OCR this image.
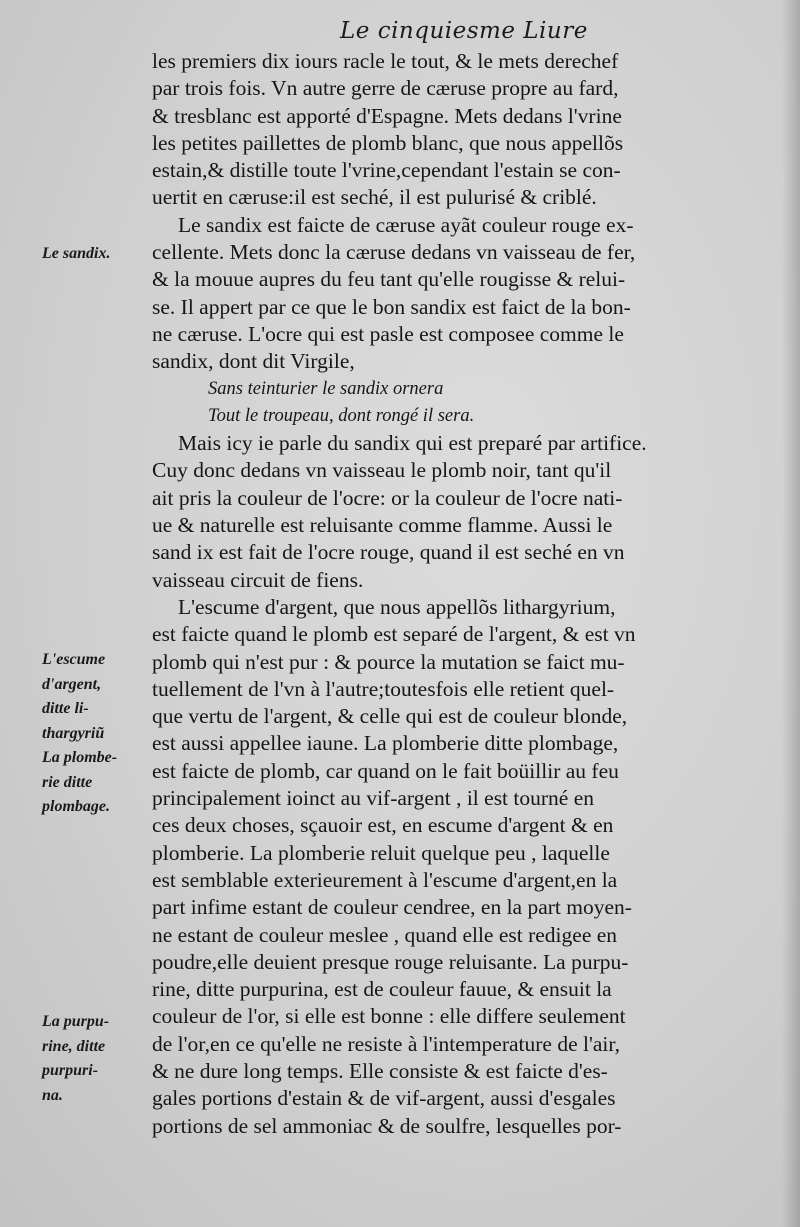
Le cinquiesme Liure
les premiers dix iours racle le tout, & le mets derechef
par trois fois. Vn autre gerre de cæruse propre au fard,
& tresblanc est apporté d'Espagne. Mets dedans l'vrine
les petites paillettes de plomb blanc, que nous appellõs
estain,& distille toute l'vrine,cependant l'estain se con-
uertit en cæruse:il est seché, il est pulurisé & criblé.
Le sandix est faicte de cæruse ayãt couleur rouge ex-
cellente. Mets donc la cæruse dedans vn vaisseau de fer,
& la mouue aupres du feu tant qu'elle rougisse & relui-
se. Il appert par ce que le bon sandix est faict de la bon-
ne cæruse. L'ocre qui est pasle est composee comme le
sandix, dont dit Virgile,
Sans teinturier le sandix ornera
Tout le troupeau, dont rongé il sera.
Mais icy ie parle du sandix qui est preparé par artifice.
Cuy donc dedans vn vaisseau le plomb noir, tant qu'il
ait pris la couleur de l'ocre: or la couleur de l'ocre nati-
ue & naturelle est reluisante comme flamme. Aussi le
sand ix est fait de l'ocre rouge, quand il est seché en vn
vaisseau circuit de fiens.
L'escume d'argent, que nous appellõs lithargyrium,
est faicte quand le plomb est separé de l'argent, & est vn
plomb qui n'est pur : & pource la mutation se faict mu-
tuellement de l'vn à l'autre;toutesfois elle retient quel-
que vertu de l'argent, & celle qui est de couleur blonde,
est aussi appellee iaune. La plomberie ditte plombage,
est faicte de plomb, car quand on le fait boüillir au feu
principalement ioinct au vif-argent , il est tourné en
ces deux choses, sçauoir est, en escume d'argent & en
plomberie. La plomberie reluit quelque peu , laquelle
est semblable exterieurement à l'escume d'argent,en la
part infime estant de couleur cendree, en la part moyen-
ne estant de couleur meslee , quand elle est redigee en
poudre,elle deuient presque rouge reluisante. La purpu-
rine, ditte purpurina, est de couleur fauue, & ensuit la
couleur de l'or, si elle est bonne : elle differe seulement
de l'or,en ce qu'elle ne resiste à l'intemperature de l'air,
& ne dure long temps. Elle consiste & est faicte d'es-
gales portions d'estain & de vif-argent, aussi d'esgales
portions de sel ammoniac & de soulfre, lesquelles por-
Le sandix.
L'escume
d'argent,
ditte li-
thargyriũ
La plombe-
rie ditte
plombage.
La purpu-
rine, ditte
purpuri-
na.
